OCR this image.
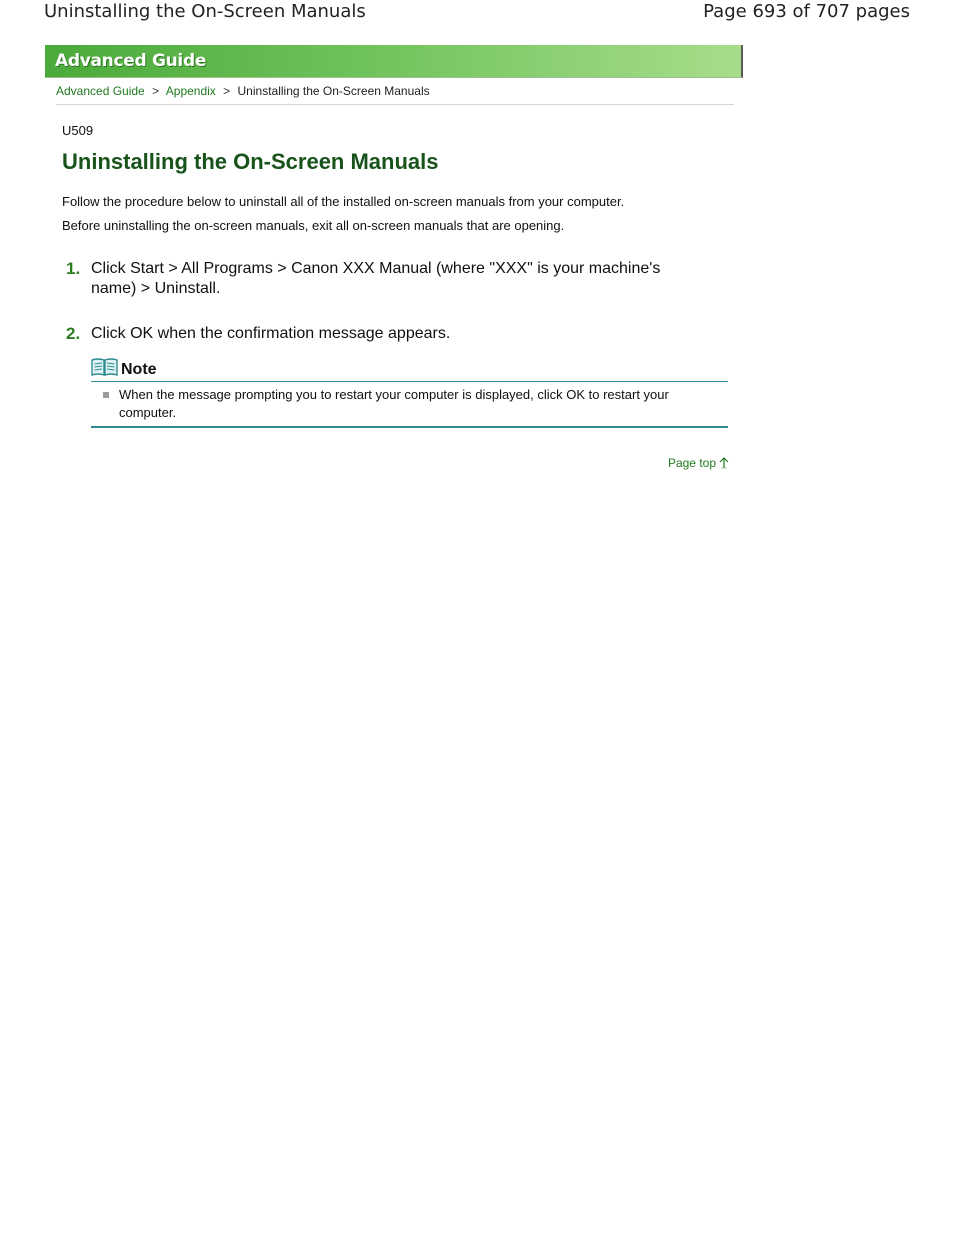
Uninstalling the On-Screen Manuals	Page 693 of 707 pages
Advanced Guide
Advanced Guide > Appendix > Uninstalling the On-Screen Manuals
U509
Uninstalling the On-Screen Manuals

Follow the procedure below to uninstall all of the installed on-screen manuals from your computer.

Before uninstalling the on-screen manuals, exit all on-screen manuals that are opening.

1. Click Start > All Programs > Canon XXX Manual (where "XXX" is your machine's name) > Uninstall.
2. Click OK when the confirmation message appears.
Note
When the message prompting you to restart your computer is displayed, click OK to restart your computer.
Page top
